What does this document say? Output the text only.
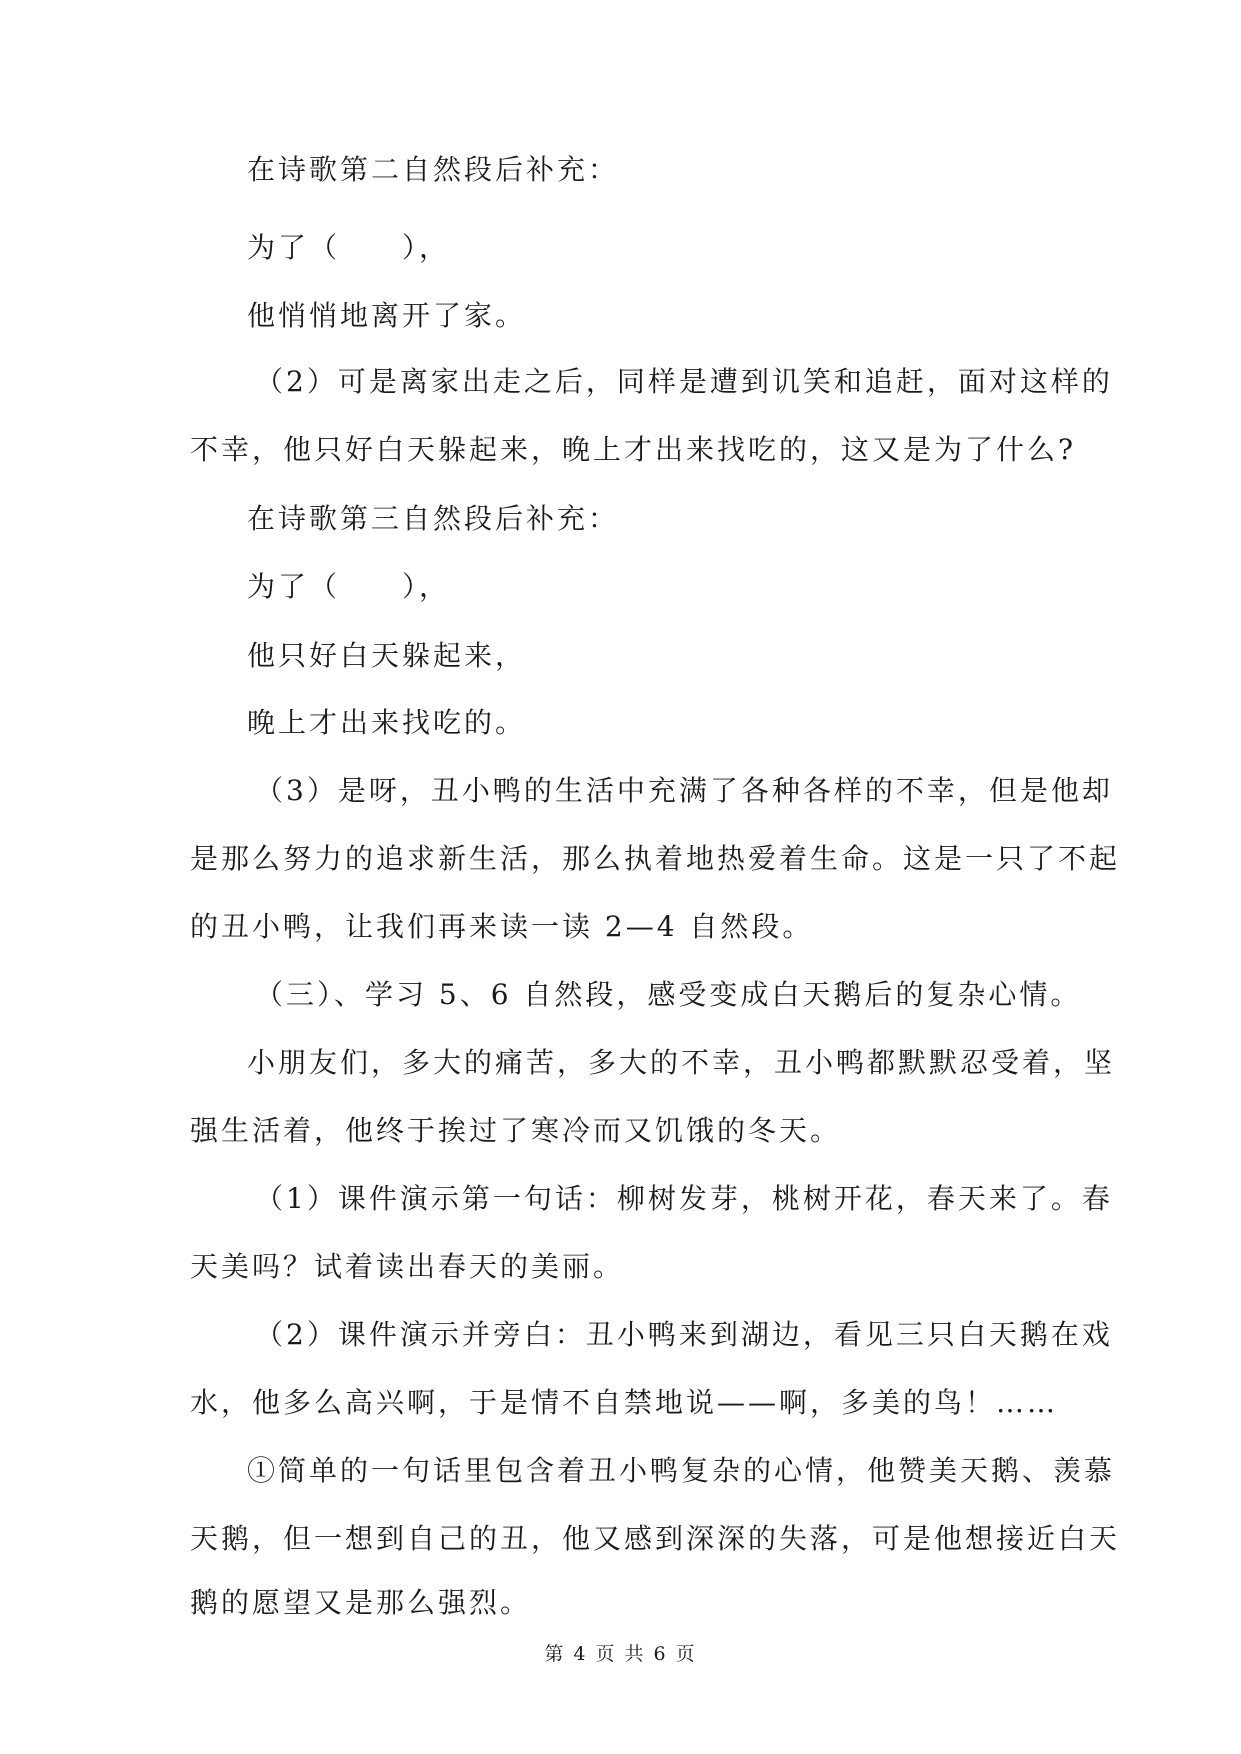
在诗歌第二自然段后补充：
为了（　　），
他悄悄地离开了家。
（2）可是离家出走之后，同样是遭到讥笑和追赶，面对这样的
不幸，他只好白天躲起来，晚上才出来找吃的，这又是为了什么?
在诗歌第三自然段后补充：
为了（　　），
他只好白天躲起来，
晚上才出来找吃的。
（3）是呀，丑小鸭的生活中充满了各种各样的不幸，但是他却
是那么努力的追求新生活，那么执着地热爱着生命。这是一只了不起
的丑小鸭，让我们再来读一读 2—4 自然段。
（三）、学习 5、6 自然段，感受变成白天鹅后的复杂心情。
小朋友们，多大的痛苦，多大的不幸，丑小鸭都默默忍受着，坚
强生活着，他终于挨过了寒冷而又饥饿的冬天。
（1）课件演示第一句话：柳树发芽，桃树开花，春天来了。春
天美吗？试着读出春天的美丽。
（2）课件演示并旁白：丑小鸭来到湖边，看见三只白天鹅在戏
水，他多么高兴啊，于是情不自禁地说——啊，多美的鸟！……
①简单的一句话里包含着丑小鸭复杂的心情，他赞美天鹅、羡慕
天鹅，但一想到自己的丑，他又感到深深的失落，可是他想接近白天
鹅的愿望又是那么强烈。
第 4 页 共 6 页
